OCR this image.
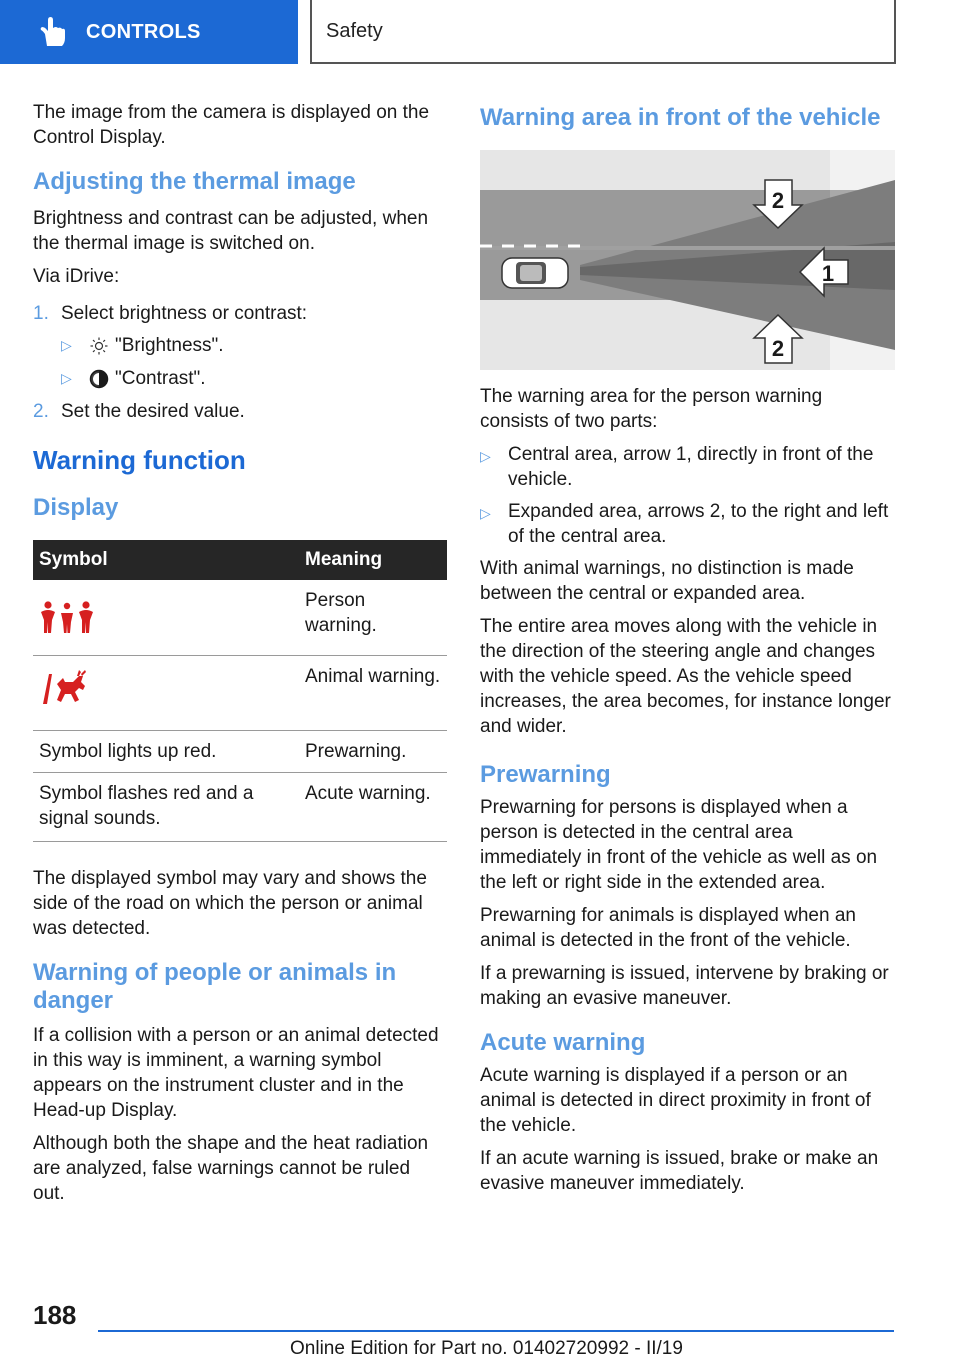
CONTROLS	Safety

The image from the camera is displayed on the Control Display.

Adjusting the thermal image

Brightness and contrast can be adjusted, when the thermal image is switched on.

Via iDrive:

1. Select brightness or contrast:
▷	"Brightness".
▷	"Contrast".
2. Set the desired value.
Warning function
Display
Symbol	Meaning
	Person warning.
	Animal warning.
Symbol lights up red.	Prewarning.
Symbol flashes red and a signal sounds.	Acute warning.

The displayed symbol may vary and shows the side of the road on which the person or animal was detected.

Warning of people or animals in danger

If a collision with a person or an animal detected in this way is imminent, a warning symbol appears on the instrument cluster and in the Head-up Display.

Although both the shape and the heat radiation are analyzed, false warnings cannot be ruled out.

Warning area in front of the vehicle
2
1
2

The warning area for the person warning consists of two parts:

▷ Central area, arrow 1, directly in front of the vehicle.
▷ Expanded area, arrows 2, to the right and left of the central area.

With animal warnings, no distinction is made between the central or expanded area.

The entire area moves along with the vehicle in the direction of the steering angle and changes with the vehicle speed. As the vehicle speed increases, the area becomes, for instance longer and wider.

Prewarning

Prewarning for persons is displayed when a person is detected in the central area immediately in front of the vehicle as well as on the left or right side in the extended area.

Prewarning for animals is displayed when an animal is detected in the front of the vehicle.

If a prewarning is issued, intervene by braking or making an evasive maneuver.

Acute warning

Acute warning is displayed if a person or an animal is detected in direct proximity in front of the vehicle.

If an acute warning is issued, brake or make an evasive maneuver immediately.

188
Online Edition for Part no. 01402720992 - II/19
